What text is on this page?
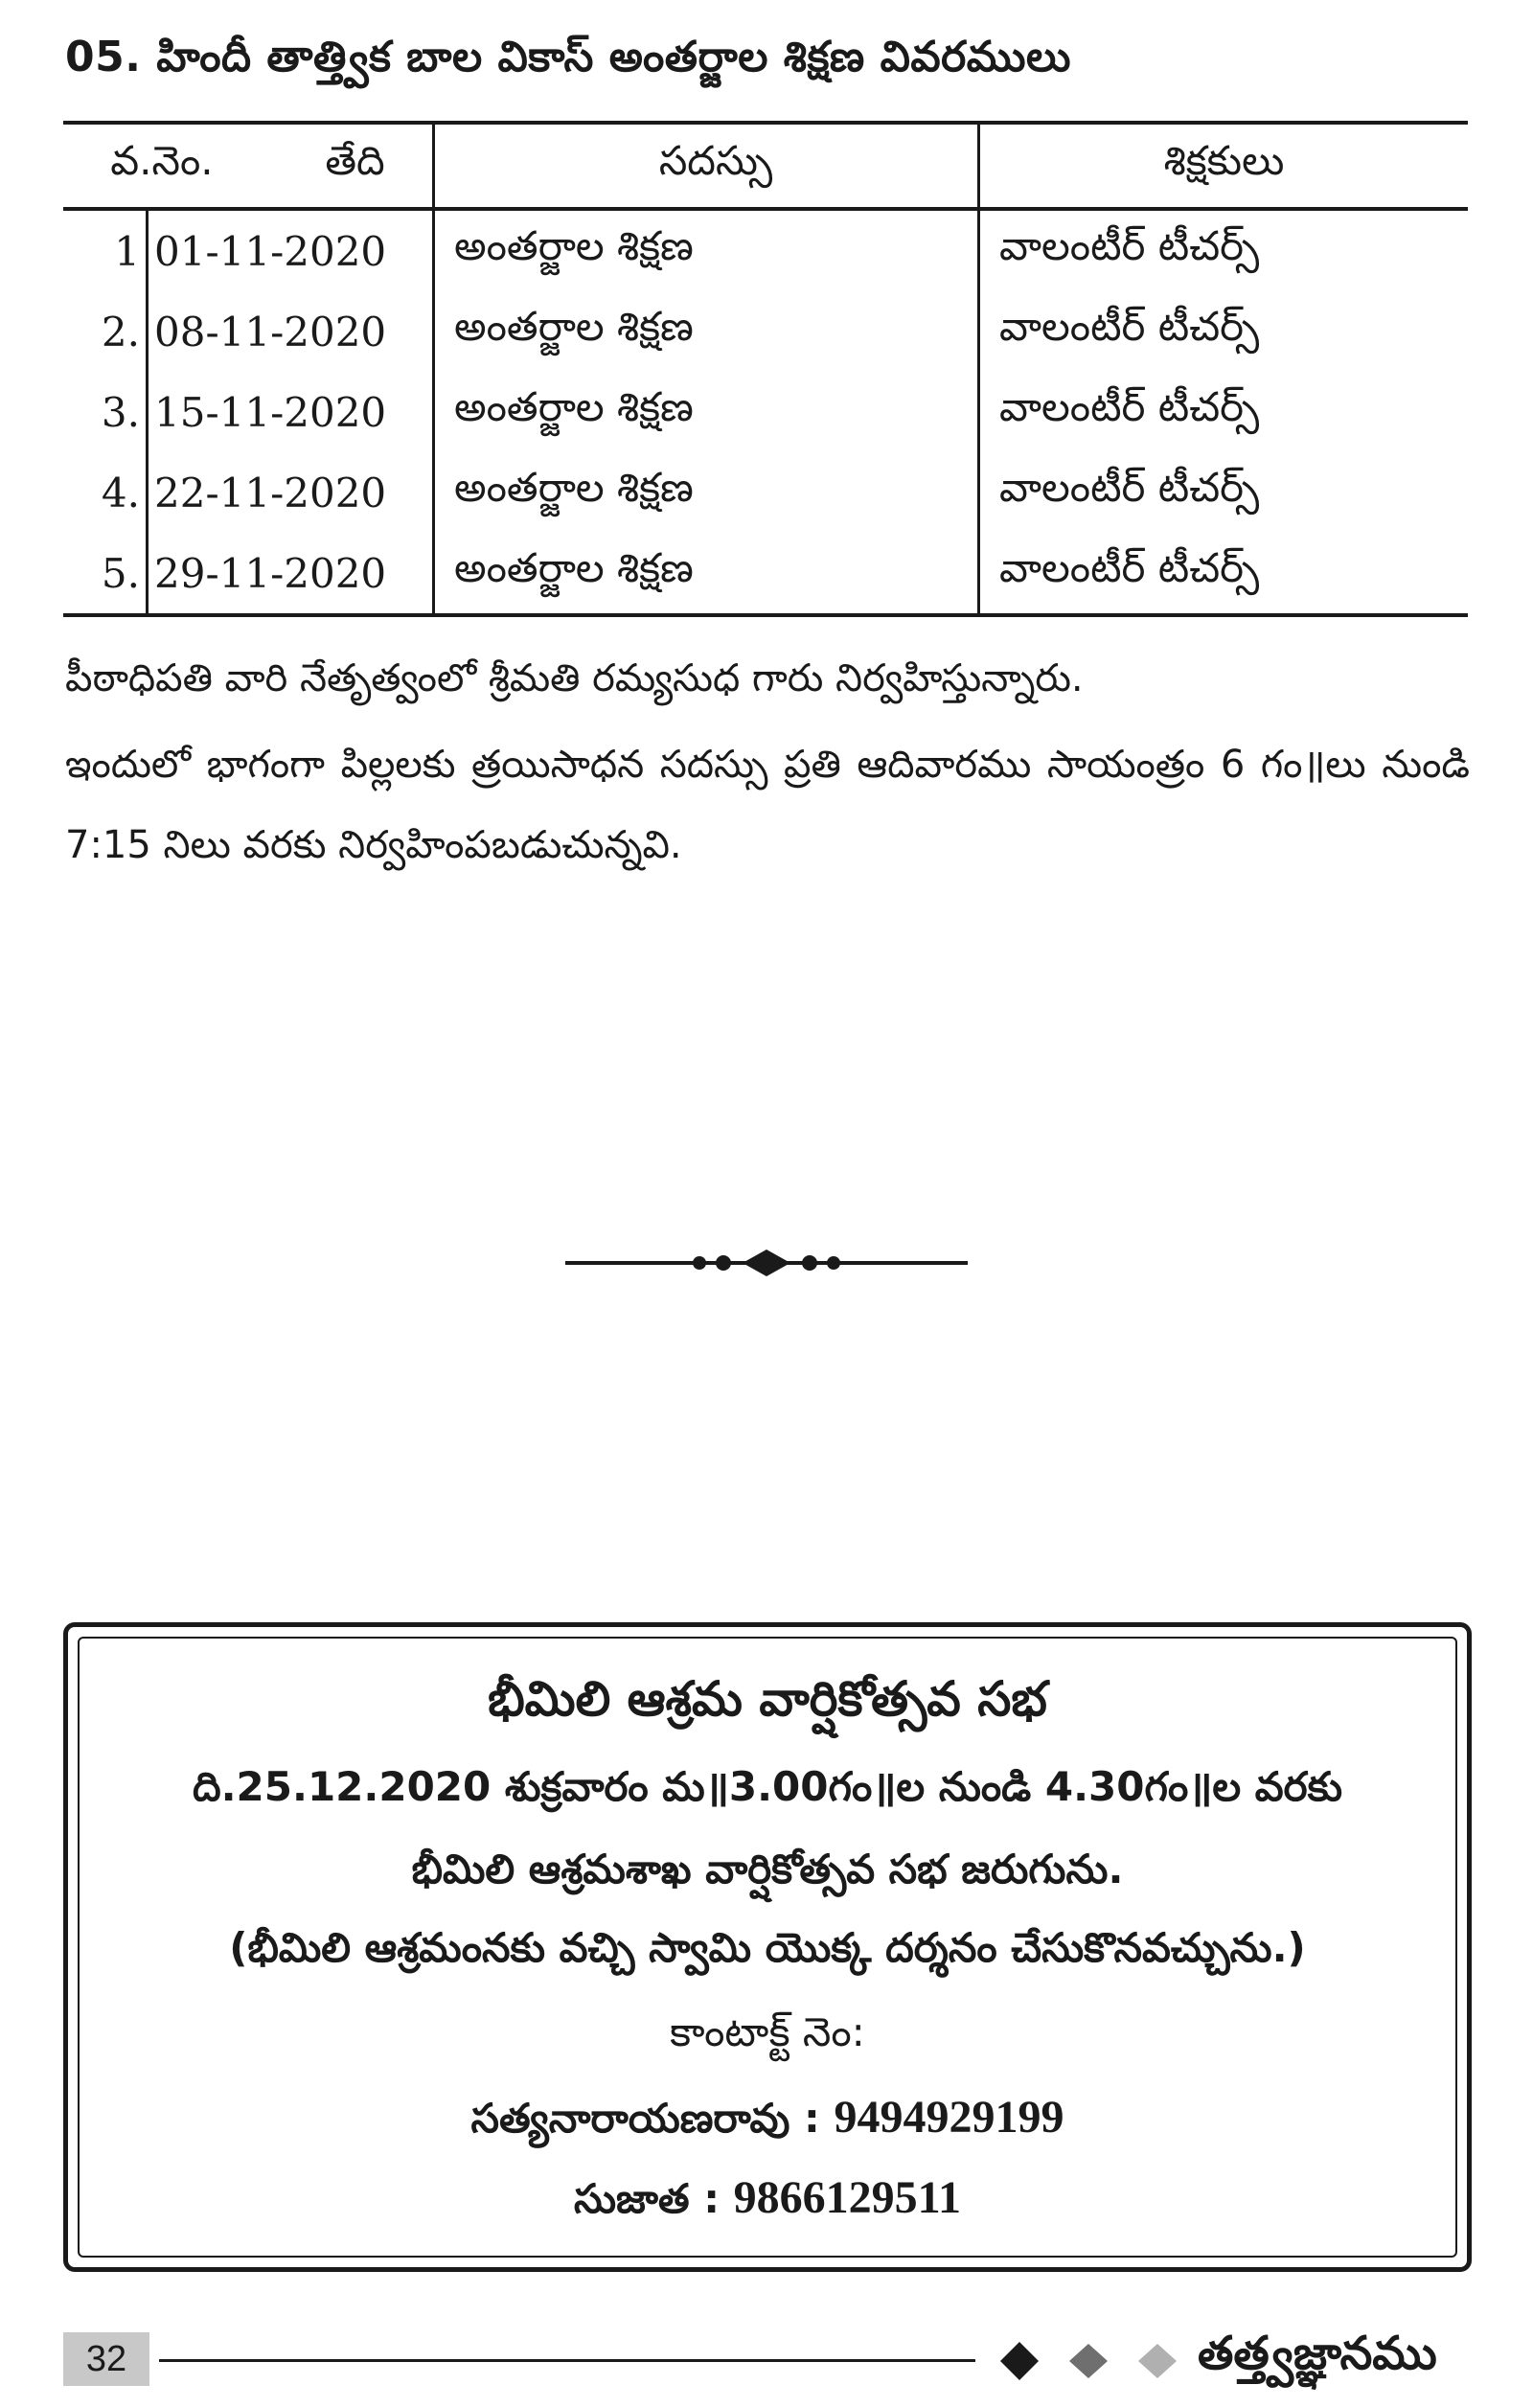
05. హిందీ తాత్త్విక బాల వికాస్ అంతర్జాల శిక్షణ వివరములు
వ.నెం. తేది		సదస్సు	శిక్షకులు
1	01-11-2020	అంతర్జాల శిక్షణ	వాలంటీర్ టీచర్స్
2.	08-11-2020	అంతర్జాల శిక్షణ	వాలంటీర్ టీచర్స్
3.	15-11-2020	అంతర్జాల శిక్షణ	వాలంటీర్ టీచర్స్
4.	22-11-2020	అంతర్జాల శిక్షణ	వాలంటీర్ టీచర్స్
5.	29-11-2020	అంతర్జాల శిక్షణ	వాలంటీర్ టీచర్స్
పీఠాధిపతి వారి నేతృత్వంలో శ్రీమతి రమ్యసుధ గారు నిర్వహిస్తున్నారు.
ఇందులో భాగంగా పిల్లలకు త్రయిసాధన సదస్సు ప్రతి ఆదివారము సాయంత్రం 6 గం॥లు నుండి 7:15 నిలు వరకు నిర్వహింపబడుచున్నవి.
భీమిలి ఆశ్రమ వార్షికోత్సవ సభ
ది.25.12.2020 శుక్రవారం మ॥3.00గం॥ల నుండి 4.30గం॥ల వరకు
భీమిలి ఆశ్రమశాఖ వార్షికోత్సవ సభ జరుగును.
(భీమిలి ఆశ్రమంనకు వచ్చి స్వామి యొక్క దర్శనం చేసుకొనవచ్చును.)
కాంటాక్ట్ నెం:
సత్యనారాయణరావు : 9494929199
సుజాత : 9866129511
32	తత్త్వజ్ఞానము
